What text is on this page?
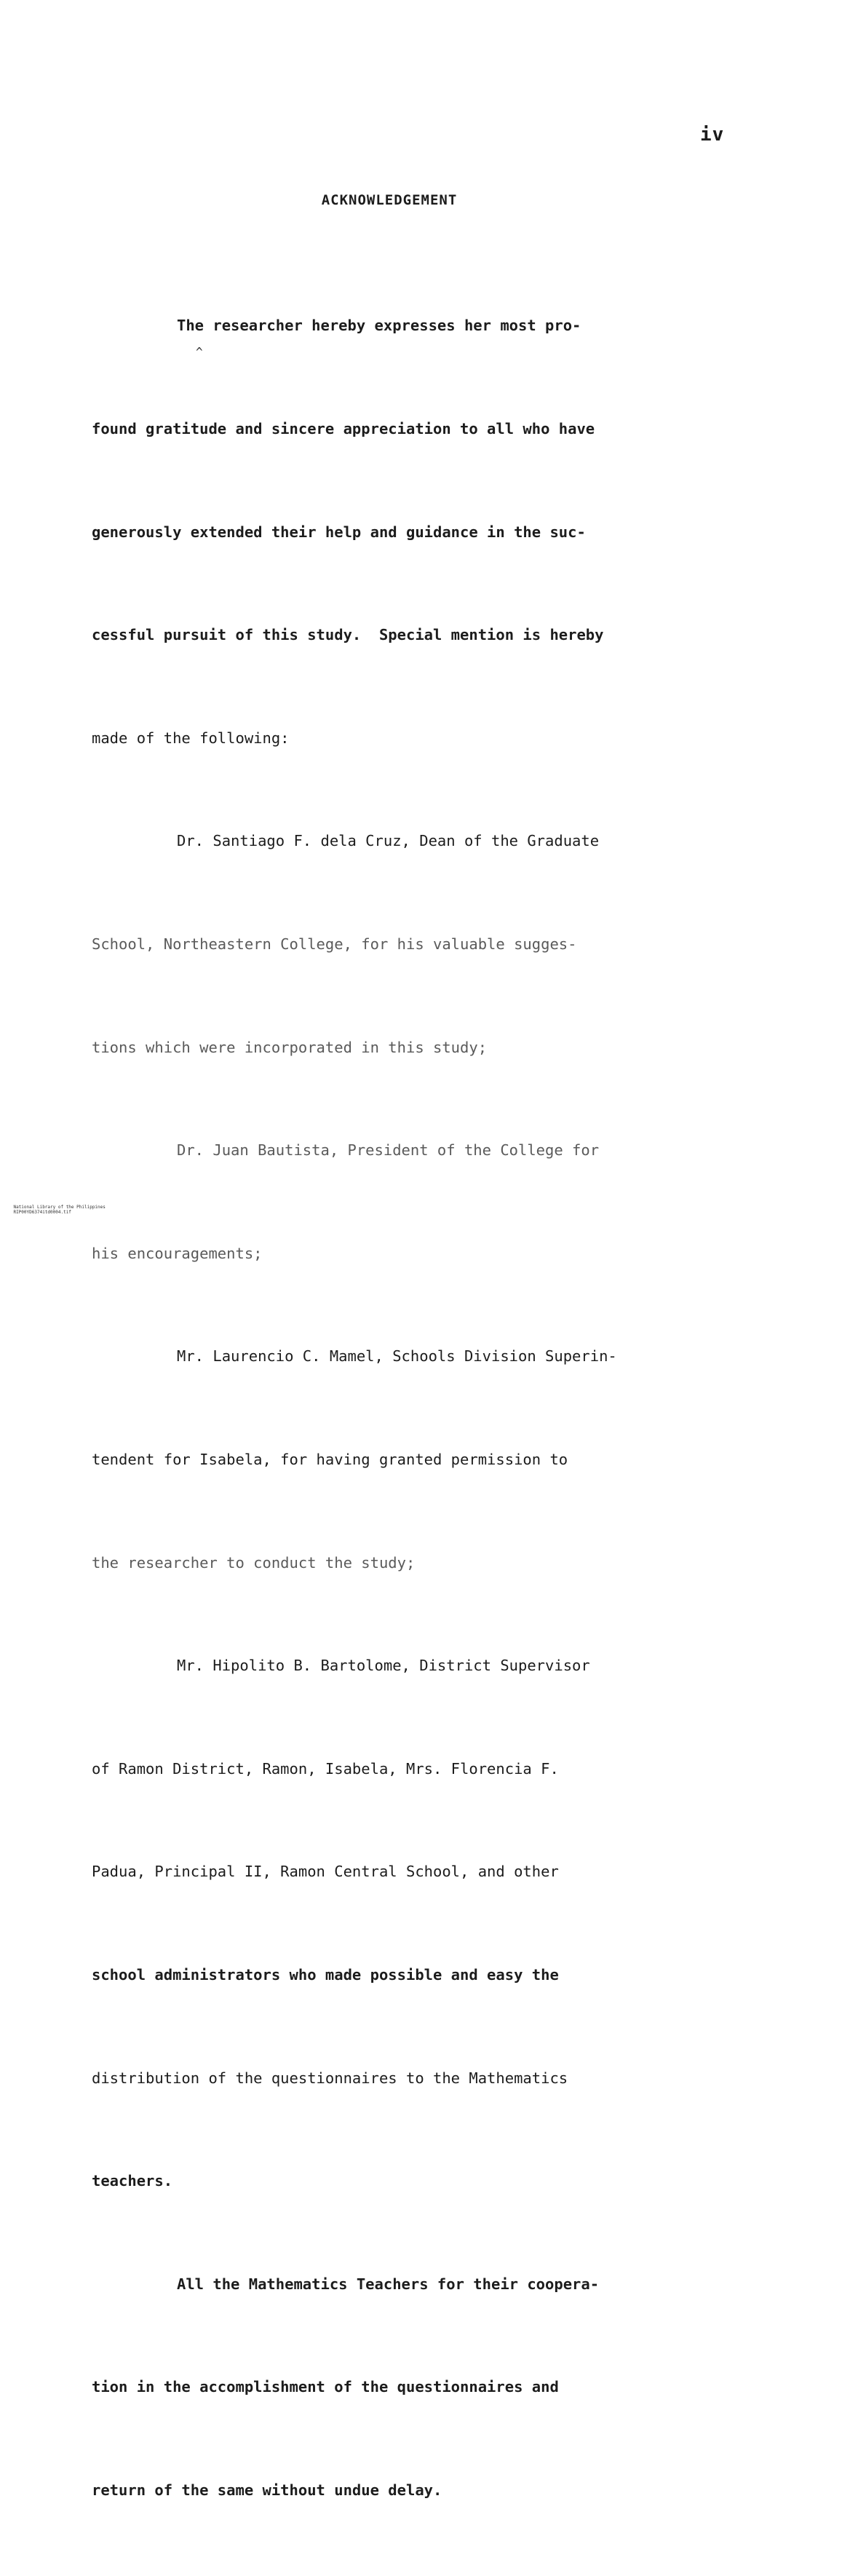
iv
ACKNOWLEDGEMENT

The researcher hereby expresses her most pro-

found gratitude and sincere appreciation to all who have

generously extended their help and guidance in the suc-

cessful pursuit of this study.  Special mention is hereby

made of the following:

Dr. Santiago F. dela Cruz, Dean of the Graduate

School, Northeastern College, for his valuable sugges-

tions which were incorporated in this study;

Dr. Juan Bautista, President of the College for

his encouragements;

Mr. Laurencio C. Mamel, Schools Division Superin-

tendent for Isabela, for having granted permission to

the researcher to conduct the study;

Mr. Hipolito B. Bartolome, District Supervisor

of Ramon District, Ramon, Isabela, Mrs. Florencia F.

Padua, Principal II, Ramon Central School, and other

school administrators who made possible and easy the

distribution of the questionnaires to the Mathematics

teachers.

All the Mathematics Teachers for their coopera-

tion in the accomplishment of the questionnaires and

return of the same without undue delay.

^

National Library of the Philippines
RIP00YD6374itd0004.tif
